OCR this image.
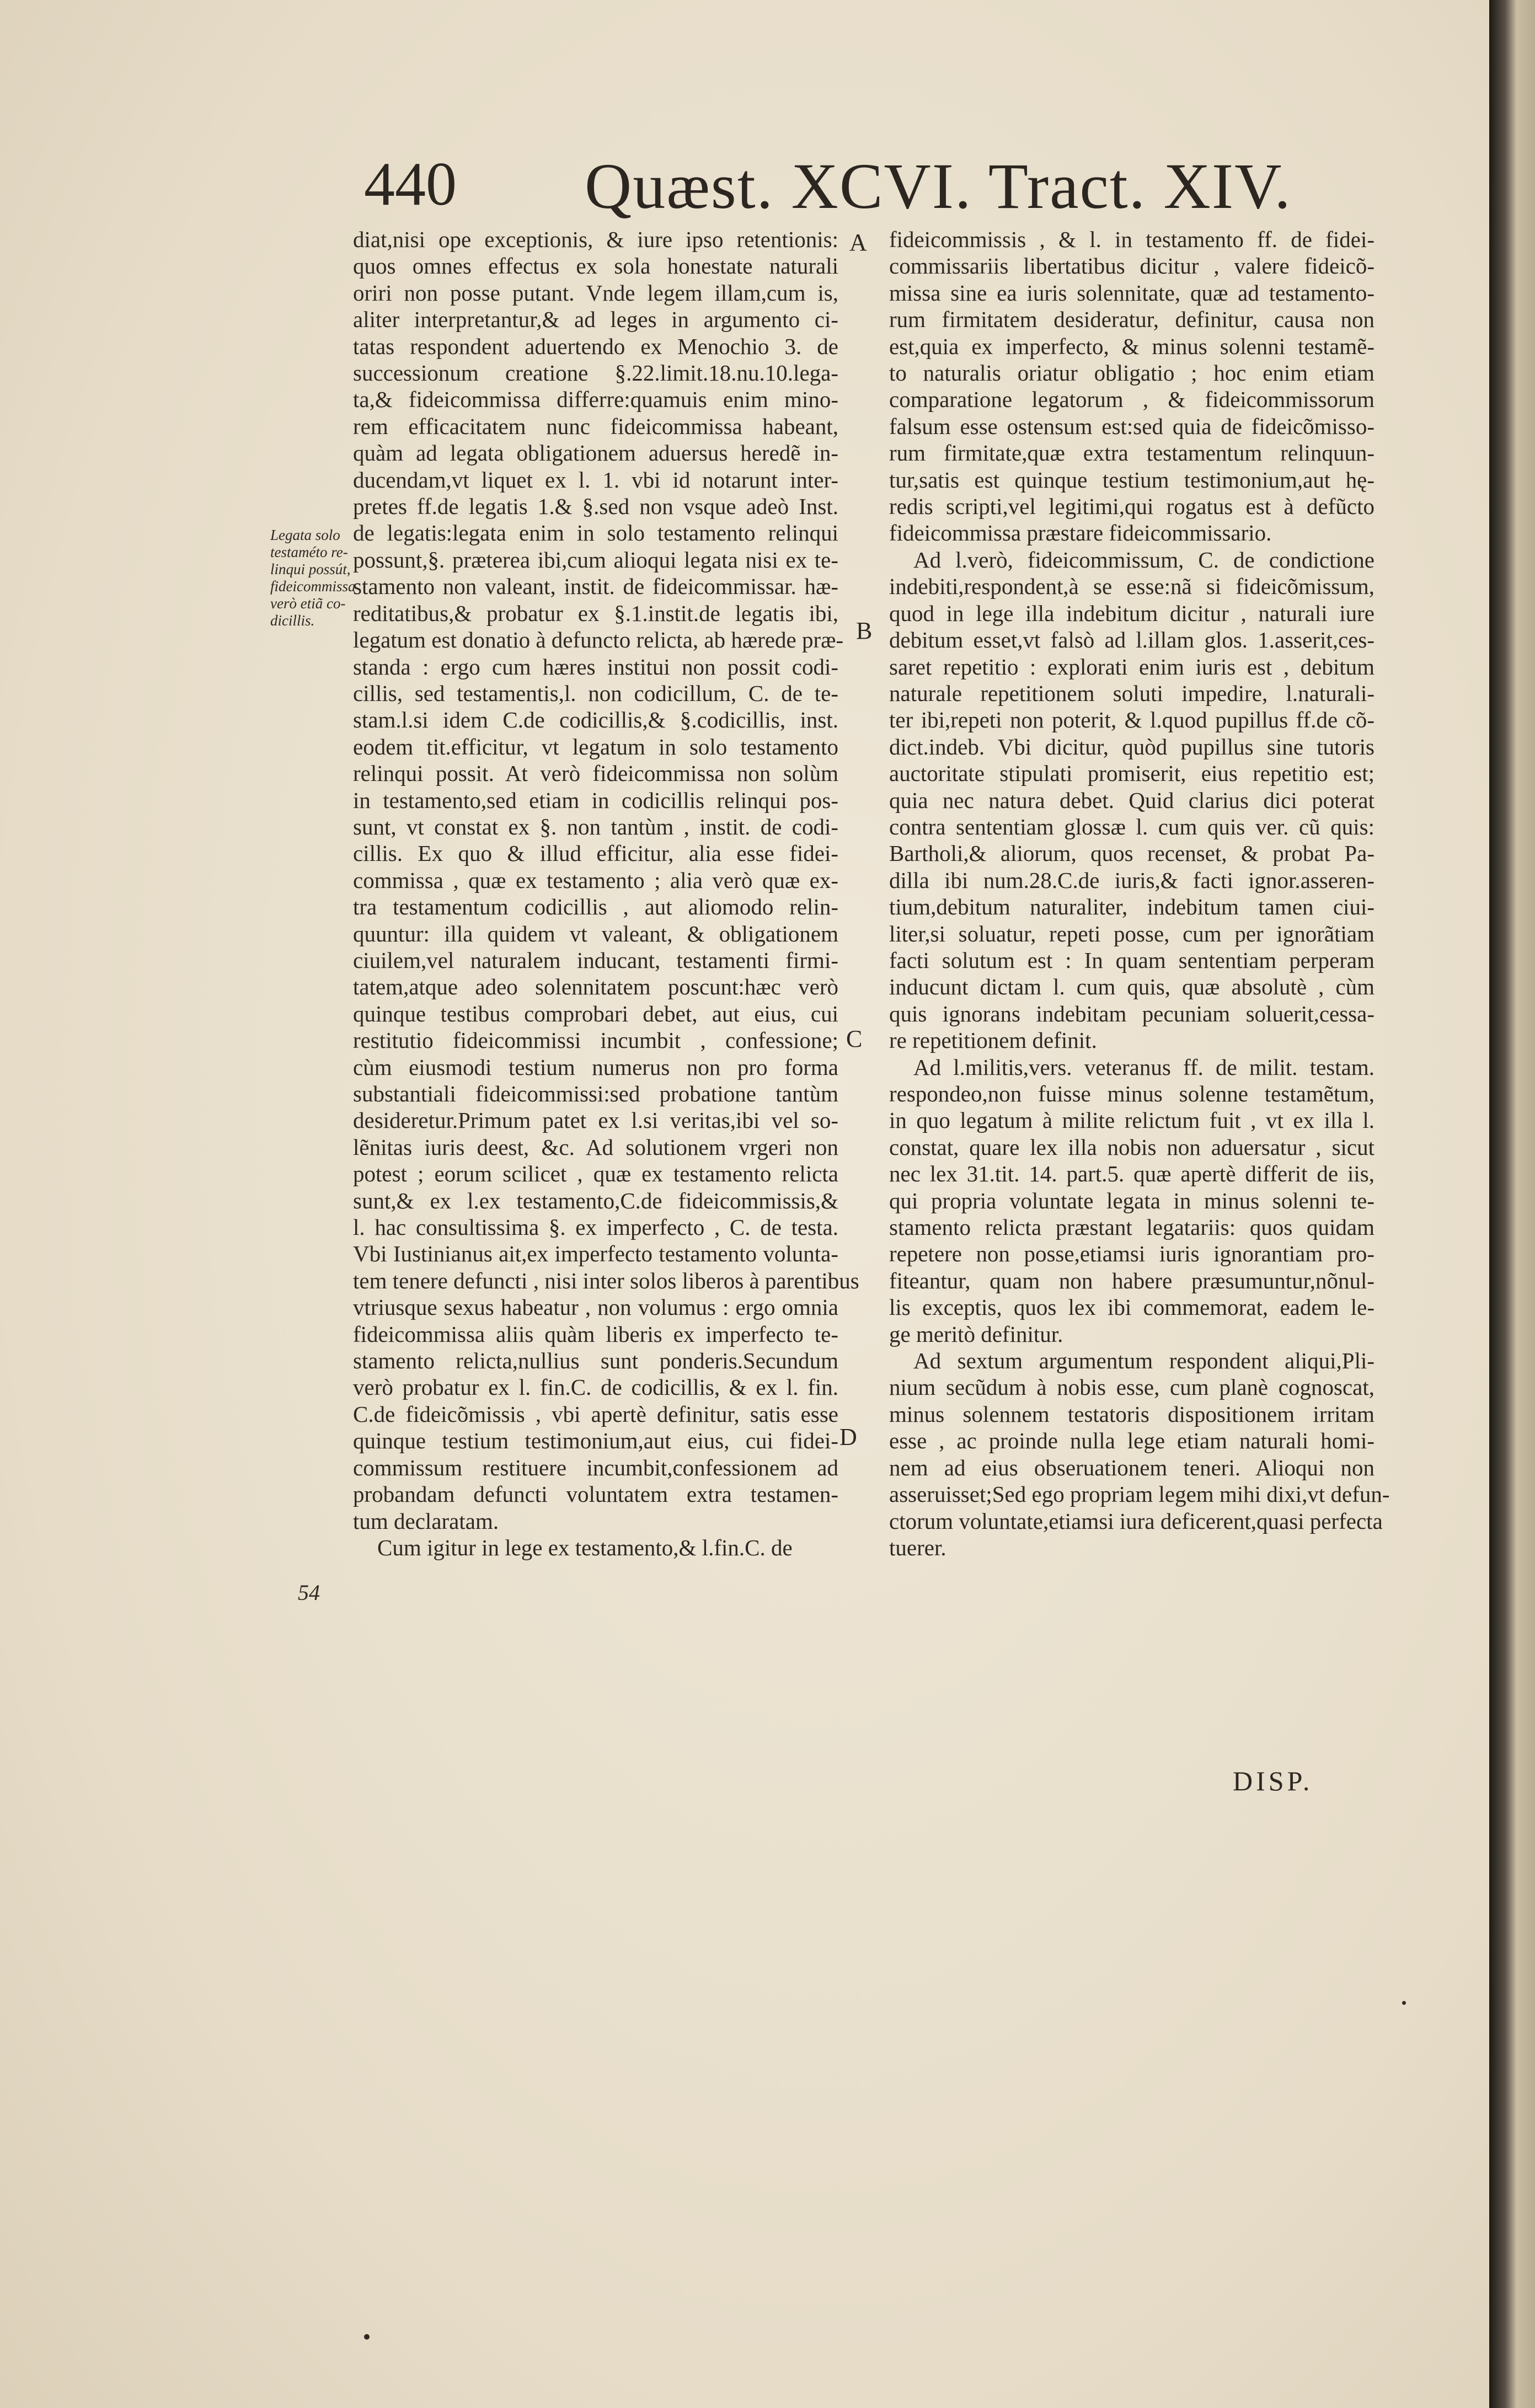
440 Quæst. XCVI. Tract. XIV.
Legata solo
testaméto re-
linqui possút,
fideicommissa
verò etiã co-
dicillis.

diat,nisi ope exceptionis, & iure ipso retentionis:
quos omnes effectus ex sola honestate naturali
oriri non posse putant. Vnde legem illam,cum is,
aliter interpretantur,& ad leges in argumento ci-
tatas respondent aduertendo ex Menochio 3. de
successionum creatione §.22.limit.18.nu.10.lega-
ta,& fideicommissa differre:quamuis enim mino-
rem efficacitatem nunc fideicommissa habeant,
quàm ad legata obligationem aduersus heredẽ in-
ducendam,vt liquet ex l. 1. vbi id notarunt inter-
pretes ff.de legatis 1.& §.sed non vsque adeò Inst.
de legatis:legata enim in solo testamento relinqui
possunt,§. præterea ibi,cum alioqui legata nisi ex te-
stamento non valeant, instit. de fideicommissar. hæ-
reditatibus,& probatur ex §.1.instit.de legatis ibi,
legatum est donatio à defuncto relicta, ab hærede præ-
standa : ergo cum hæres institui non possit codi-
cillis, sed testamentis,l. non codicillum, C. de te-
stam.l.si idem C.de codicillis,& §.codicillis, inst.
eodem tit.efficitur, vt legatum in solo testamento
relinqui possit. At verò fideicommissa non solùm
in testamento,sed etiam in codicillis relinqui pos-
sunt, vt constat ex §. non tantùm , instit. de codi-
cillis. Ex quo & illud efficitur, alia esse fidei-
commissa , quæ ex testamento ; alia verò quæ ex-
tra testamentum codicillis , aut aliomodo relin-
quuntur: illa quidem vt valeant, & obligationem
ciuilem,vel naturalem inducant, testamenti firmi-
tatem,atque adeo solennitatem poscunt:hæc verò
quinque testibus comprobari debet, aut eius, cui
restitutio fideicommissi incumbit , confessione;
cùm eiusmodi testium numerus non pro forma
substantiali fideicommissi:sed probatione tantùm
desideretur.Primum patet ex l.si veritas,ibi vel so-
lẽnitas iuris deest, &c. Ad solutionem vrgeri non
potest ; eorum scilicet , quæ ex testamento relicta
sunt,& ex l.ex testamento,C.de fideicommissis,&
l. hac consultissima §. ex imperfecto , C. de testa.
Vbi Iustinianus ait,ex imperfecto testamento volunta-
tem tenere defuncti , nisi inter solos liberos à parentibus
vtriusque sexus habeatur , non volumus : ergo omnia
fideicommissa aliis quàm liberis ex imperfecto te-
stamento relicta,nullius sunt ponderis.Secundum
verò probatur ex l. fin.C. de codicillis, & ex l. fin.
C.de fideicõmissis , vbi apertè definitur, satis esse
quinque testium testimonium,aut eius, cui fidei-
commissum restituere incumbit,confessionem ad
probandam defuncti voluntatem extra testamen-
tum declaratam.

Cum igitur in lege ex testamento,& l.fin.C. de

fideicommissis , & l. in testamento ff. de fidei-
commissariis libertatibus dicitur , valere fideicõ-
missa sine ea iuris solennitate, quæ ad testamento-
rum firmitatem desideratur, definitur, causa non
est,quia ex imperfecto, & minus solenni testamẽ-
to naturalis oriatur obligatio ; hoc enim etiam
comparatione legatorum , & fideicommissorum
falsum esse ostensum est:sed quia de fideicõmisso-
rum firmitate,quæ extra testamentum relinquun-
tur,satis est quinque testium testimonium,aut hę-
redis scripti,vel legitimi,qui rogatus est à defũcto
fideicommissa præstare fideicommissario.

Ad l.verò, fideicommissum, C. de condictione
indebiti,respondent,à se esse:nã si fideicõmissum,
quod in lege illa indebitum dicitur , naturali iure
debitum esset,vt falsò ad l.illam glos. 1.asserit,ces-
saret repetitio : explorati enim iuris est , debitum
naturale repetitionem soluti impedire, l.naturali-
ter ibi,repeti non poterit, & l.quod pupillus ff.de cõ-
dict.indeb. Vbi dicitur, quòd pupillus sine tutoris
auctoritate stipulati promiserit, eius repetitio est;
quia nec natura debet. Quid clarius dici poterat
contra sententiam glossæ l. cum quis ver. cũ quis:
Bartholi,& aliorum, quos recenset, & probat Pa-
dilla ibi num.28.C.de iuris,& facti ignor.asseren-
tium,debitum naturaliter, indebitum tamen ciui-
liter,si soluatur, repeti posse, cum per ignorãtiam
facti solutum est : In quam sententiam perperam
inducunt dictam l. cum quis, quæ absolutè , cùm
quis ignorans indebitam pecuniam soluerit,cessa-
re repetitionem definit.

Ad l.militis,vers. veteranus ff. de milit. testam.
respondeo,non fuisse minus solenne testamẽtum,
in quo legatum à milite relictum fuit , vt ex illa l.
constat, quare lex illa nobis non aduersatur , sicut
nec lex 31.tit. 14. part.5. quæ apertè differit de iis,
qui propria voluntate legata in minus solenni te-
stamento relicta præstant legatariis: quos quidam
repetere non posse,etiamsi iuris ignorantiam pro-
fiteantur, quam non habere præsumuntur,nõnul-
lis exceptis, quos lex ibi commemorat, eadem le-
ge meritò definitur.

Ad sextum argumentum respondent aliqui,Pli-
nium secũdum à nobis esse, cum planè cognoscat,
minus solennem testatoris dispositionem irritam
esse , ac proinde nulla lege etiam naturali homi-
nem ad eius obseruationem teneri. Alioqui non
asseruisset;Sed ego propriam legem mihi dixi,vt defun-
ctorum voluntate,etiamsi iura deficerent,quasi perfecta
tuerer.

A
B
C
D
54
DISP.
